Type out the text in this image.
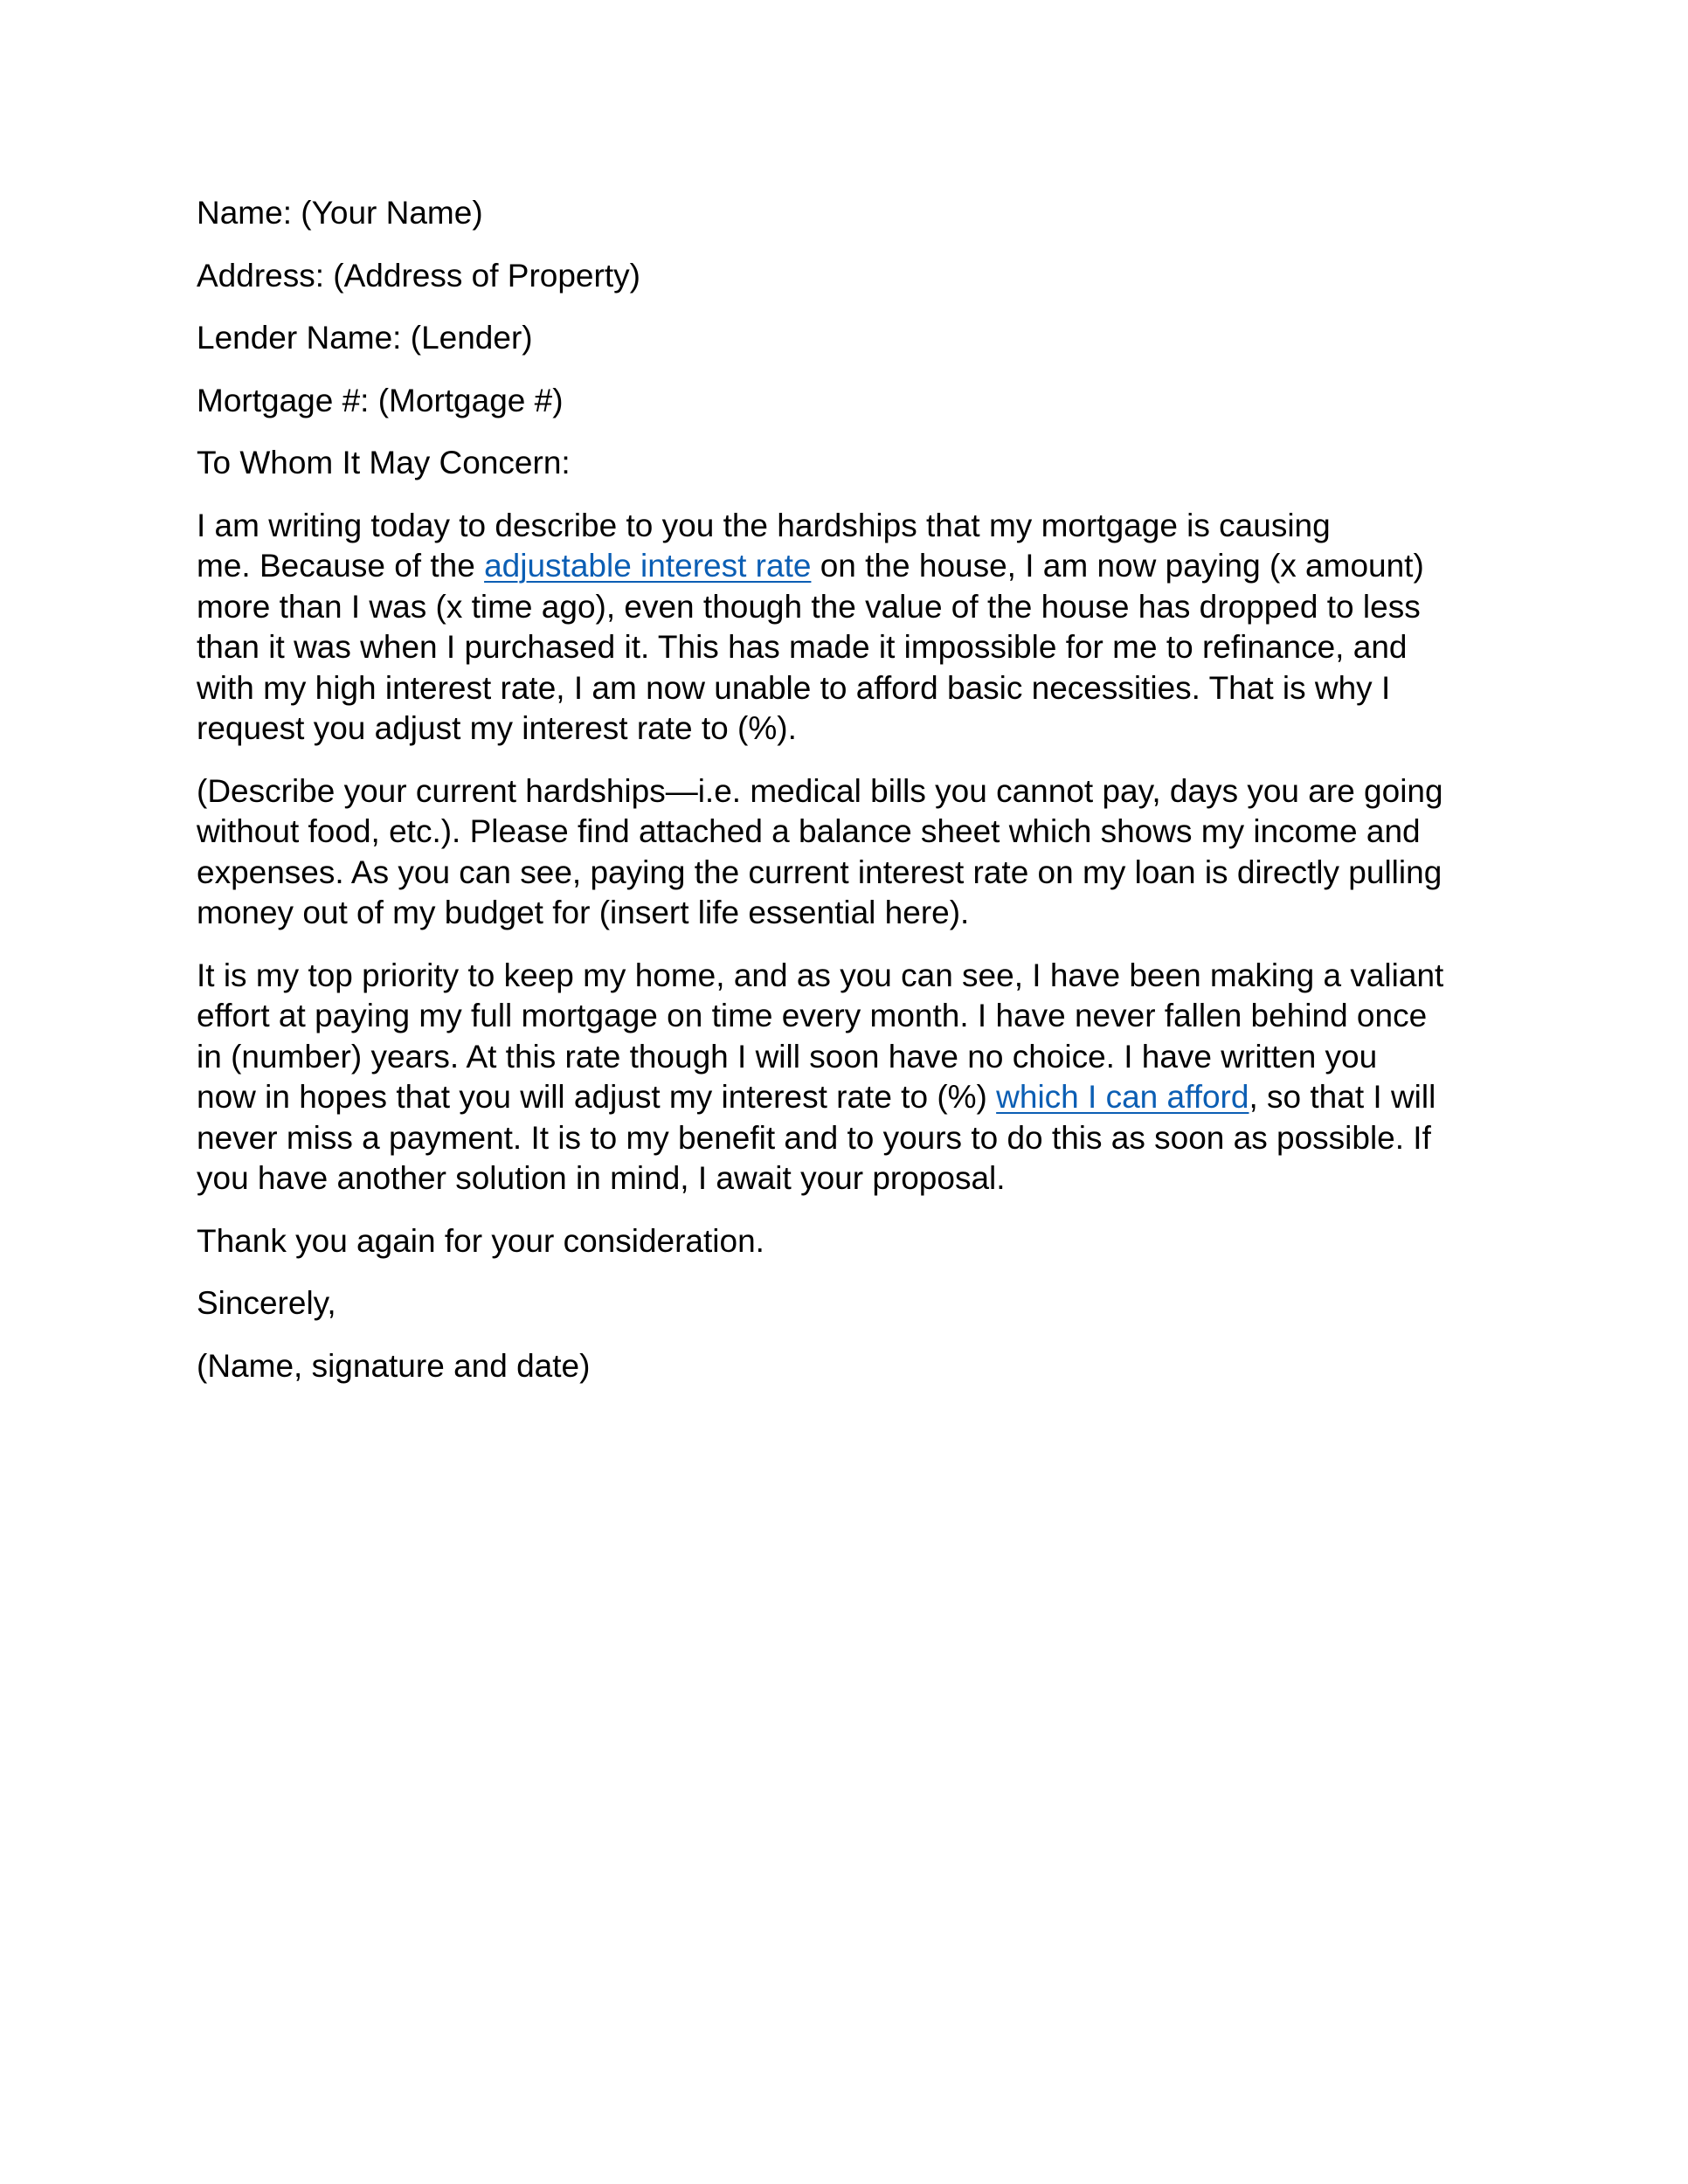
Name: (Your Name)
Address: (Address of Property)
Lender Name: (Lender)
Mortgage #: (Mortgage #)
To Whom It May Concern:
I am writing today to describe to you the hardships that my mortgage is causing
me. Because of the adjustable interest rate on the house, I am now paying (x amount)
more than I was (x time ago), even though the value of the house has dropped to less
than it was when I purchased it. This has made it impossible for me to refinance, and
with my high interest rate, I am now unable to afford basic necessities. That is why I
request you adjust my interest rate to (%).
(Describe your current hardships—i.e. medical bills you cannot pay, days you are going
without food, etc.). Please find attached a balance sheet which shows my income and
expenses. As you can see, paying the current interest rate on my loan is directly pulling
money out of my budget for (insert life essential here).
It is my top priority to keep my home, and as you can see, I have been making a valiant
effort at paying my full mortgage on time every month. I have never fallen behind once
in (number) years. At this rate though I will soon have no choice. I have written you
now in hopes that you will adjust my interest rate to (%) which I can afford, so that I will
never miss a payment. It is to my benefit and to yours to do this as soon as possible. If
you have another solution in mind, I await your proposal.
Thank you again for your consideration.
Sincerely,
(Name, signature and date)
